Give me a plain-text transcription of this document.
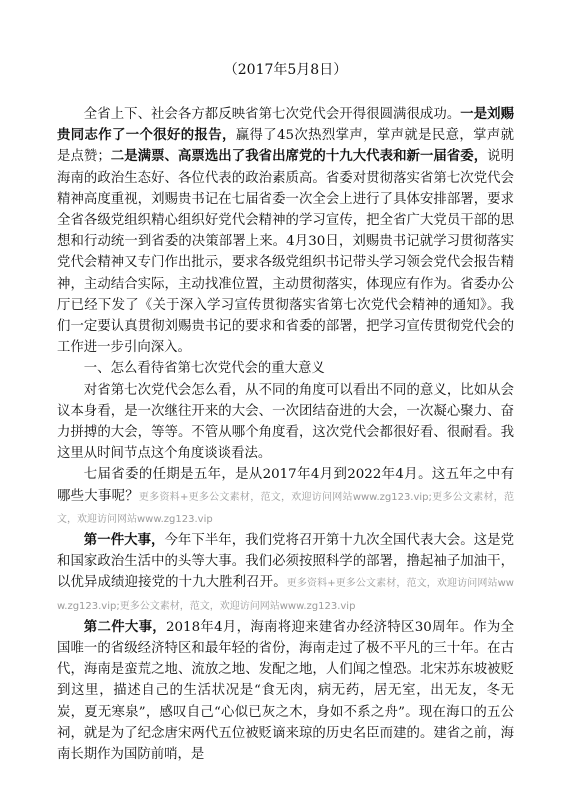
（2017年5月8日）

全省上下、社会各方都反映省第七次党代会开得很圆满很成功。一是刘赐贵同志作了一个很好的报告，赢得了45次热烈掌声，掌声就是民意，掌声就是点赞；二是满票、高票选出了我省出席党的十九大代表和新一届省委，说明海南的政治生态好、各位代表的政治素质高。省委对贯彻落实省第七次党代会精神高度重视，刘赐贵书记在七届省委一次全会上进行了具体安排部署，要求全省各级党组织精心组织好党代会精神的学习宣传，把全省广大党员干部的思想和行动统一到省委的决策部署上来。4月30日，刘赐贵书记就学习贯彻落实党代会精神又专门作出批示，要求各级党组织书记带头学习领会党代会报告精神，主动结合实际，主动找准位置，主动贯彻落实，体现应有作为。省委办公厅已经下发了《关于深入学习宣传贯彻落实省第七次党代会精神的通知》。我们一定要认真贯彻刘赐贵书记的要求和省委的部署，把学习宣传贯彻党代会的工作进一步引向深入。

一、怎么看待省第七次党代会的重大意义

对省第七次党代会怎么看，从不同的角度可以看出不同的意义，比如从会议本身看，是一次继往开来的大会、一次团结奋进的大会，一次凝心聚力、奋力拼搏的大会，等等。不管从哪个角度看，这次党代会都很好看、很耐看。我这里从时间节点这个角度谈谈看法。

七届省委的任期是五年，是从2017年4月到2022年4月。这五年之中有哪些大事呢？更多资料+更多公文素材，范文，欢迎访问网站www.zg123.vip;更多公文素材，范文，欢迎访问网站www.zg123.vip

第一件大事，今年下半年，我们党将召开第十九次全国代表大会。这是党和国家政治生活中的头等大事。我们必须按照科学的部署，撸起袖子加油干，以优异成绩迎接党的十九大胜利召开。更多资料+更多公文素材，范文，欢迎访问网站www.zg123.vip;更多公文素材，范文，欢迎访问网站www.zg123.vip

第二件大事，2018年4月，海南将迎来建省办经济特区30周年。作为全国唯一的省级经济特区和最年轻的省份，海南走过了极不平凡的三十年。在古代，海南是蛮荒之地、流放之地、发配之地，人们闻之惶恐。北宋苏东坡被贬到这里，描述自己的生活状况是“食无肉，病无药，居无室，出无友，冬无炭，夏无寒泉”，感叹自己“心似已灰之木，身如不系之舟”。现在海口的五公祠，就是为了纪念唐宋两代五位被贬谪来琼的历史名臣而建的。建省之前，海南长期作为国防前哨，是
